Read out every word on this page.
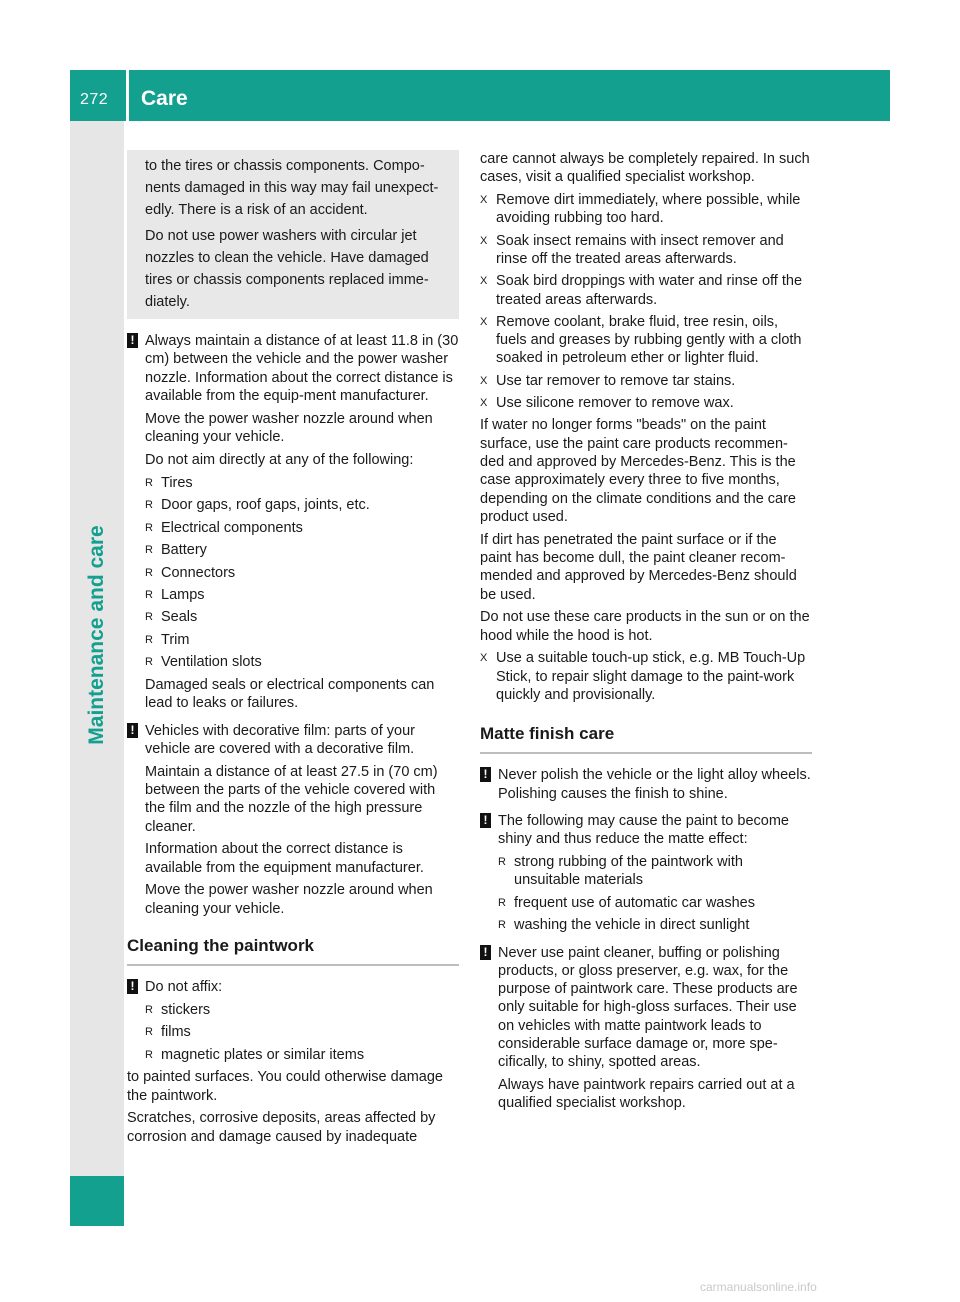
272 Care
Maintenance and care

to the tires or chassis components. Compo-nents damaged in this way may fail unexpect-edly. There is a risk of an accident.

Do not use power washers with circular jet nozzles to clean the vehicle. Have damaged tires or chassis components replaced imme-diately.

! Always maintain a distance of at least 11.8 in (30 cm) between the vehicle and the power washer nozzle. Information about the correct distance is available from the equip-ment manufacturer.

Move the power washer nozzle around when cleaning your vehicle.

Do not aim directly at any of the following:

R Tires
R Door gaps, roof gaps, joints, etc.
R Electrical components
R Battery
R Connectors
R Lamps
R Seals
R Trim
R Ventilation slots

Damaged seals or electrical components can lead to leaks or failures.

! Vehicles with decorative film: parts of your vehicle are covered with a decorative film.

Maintain a distance of at least 27.5 in (70 cm) between the parts of the vehicle covered with the film and the nozzle of the high pressure cleaner.

Information about the correct distance is available from the equipment manufacturer.

Move the power washer nozzle around when cleaning your vehicle.

Cleaning the paintwork
! Do not affix:

R stickers
R films
R magnetic plates or similar items

to painted surfaces. You could otherwise damage the paintwork.

Scratches, corrosive deposits, areas affected by corrosion and damage caused by inadequate

care cannot always be completely repaired. In such cases, visit a qualified specialist workshop.

X Remove dirt immediately, where possible, while avoiding rubbing too hard.
X Soak insect remains with insect remover and rinse off the treated areas afterwards.
X Soak bird droppings with water and rinse off the treated areas afterwards.
X Remove coolant, brake fluid, tree resin, oils, fuels and greases by rubbing gently with a cloth soaked in petroleum ether or lighter fluid.
X Use tar remover to remove tar stains.
X Use silicone remover to remove wax.

If water no longer forms "beads" on the paint surface, use the paint care products recommen-ded and approved by Mercedes-Benz. This is the case approximately every three to five months, depending on the climate conditions and the care product used.

If dirt has penetrated the paint surface or if the paint has become dull, the paint cleaner recom-mended and approved by Mercedes-Benz should be used.

Do not use these care products in the sun or on the hood while the hood is hot.

X Use a suitable touch-up stick, e.g. MB Touch-Up Stick, to repair slight damage to the paint-work quickly and provisionally.
Matte finish care
! Never polish the vehicle or the light alloy wheels. Polishing causes the finish to shine.

! The following may cause the paint to become shiny and thus reduce the matte effect:

R strong rubbing of the paintwork with unsuitable materials
R frequent use of automatic car washes
R washing the vehicle in direct sunlight
! Never use paint cleaner, buffing or polishing products, or gloss preserver, e.g. wax, for the purpose of paintwork care. These products are only suitable for high-gloss surfaces. Their use on vehicles with matte paintwork leads to considerable surface damage or, more spe-cifically, to shiny, spotted areas.

Always have paintwork repairs carried out at a qualified specialist workshop.

carmanualsonline.info
